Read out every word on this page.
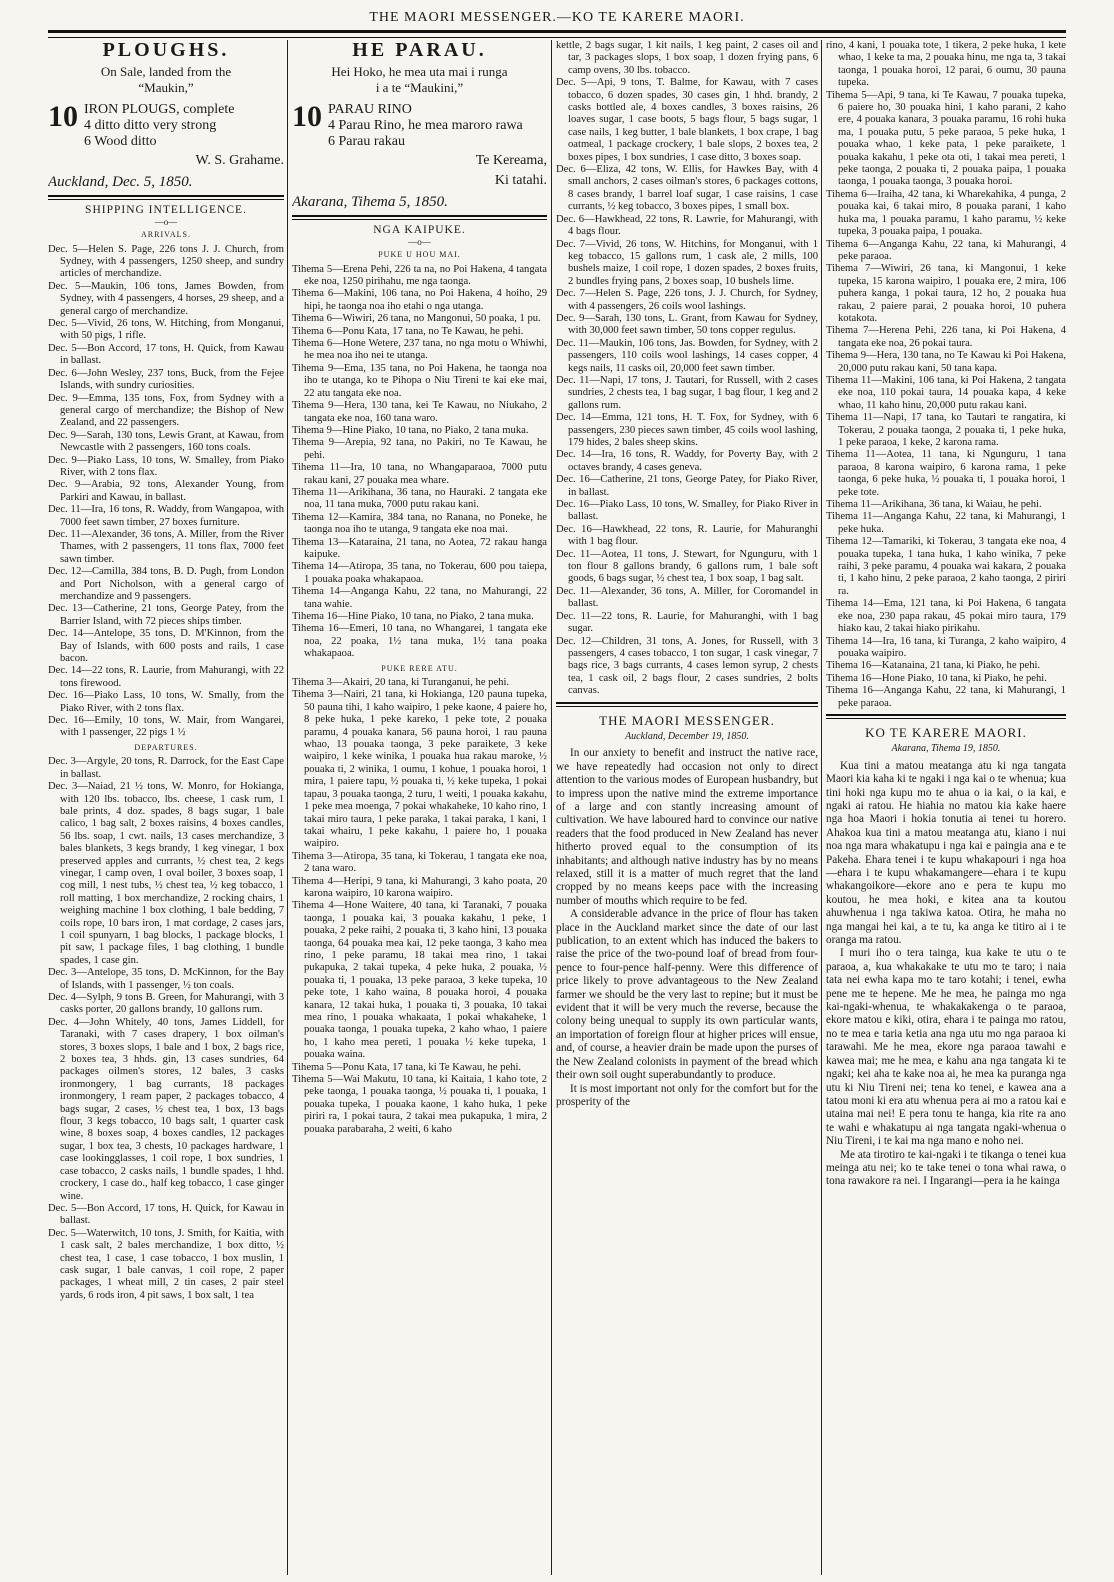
THE MAORI MESSENGER.—KO TE KARERE MAORI.
PLOUGHS.
On Sale, landed from the
“Maukin,”
10 IRON PLOUGS, complete
4 ditto ditto very strong
6 Wood ditto
W. S. Grahame.
Auckland, Dec. 5, 1850.
SHIPPING INTELLIGENCE.
—o—
ARRIVALS.
Dec. 5—Helen S. Page, 226 tons J. J. Church, from Sydney, with 4 passengers, 1250 sheep, and sundry articles of merchandize.
Dec. 5—Maukin, 106 tons, James Bowden, from Sydney, with 4 passengers, 4 horses, 29 sheep, and a general cargo of merchandize.
Dec. 5—Vivid, 26 tons, W. Hitching, from Monganui, with 50 pigs, 1 rifle.
Dec. 5—Bon Accord, 17 tons, H. Quick, from Kawau in ballast.
Dec. 6—John Wesley, 237 tons, Buck, from the Fejee Islands, with sundry curiosities.
Dec. 9—Emma, 135 tons, Fox, from Sydney with a general cargo of merchandize; the Bishop of New Zealand, and 22 passengers.
Dec. 9—Sarah, 130 tons, Lewis Grant, at Kawau, from Newcastle with 2 passengers, 160 tons coals.
Dec. 9—Piako Lass, 10 tons, W. Smalley, from Piako River, with 2 tons flax.
Dec. 9—Arabia, 92 tons, Alexander Young, from Parkiri and Kawau, in ballast.
Dec. 11—Ira, 16 tons, R. Waddy, from Wangapoa, with 7000 feet sawn timber, 27 boxes furniture.
Dec. 11—Alexander, 36 tons, A. Miller, from the River Thames, with 2 passengers, 11 tons flax, 7000 feet sawn timber.
Dec. 12—Camilla, 384 tons, B. D. Pugh, from London and Port Nicholson, with a general cargo of merchandize and 9 passengers.
Dec. 13—Catherine, 21 tons, George Patey, from the Barrier Island, with 72 pieces ships timber.
Dec. 14—Antelope, 35 tons, D. M'Kinnon, from the Bay of Islands, with 600 posts and rails, 1 case bacon.
Dec. 14—22 tons, R. Laurie, from Mahurangi, with 22 tons firewood.
Dec. 16—Piako Lass, 10 tons, W. Smally, from the Piako River, with 2 tons flax.
Dec. 16—Emily, 10 tons, W. Mair, from Wangarei, with 1 passenger, 22 pigs 1 ½
DEPARTURES.
Dec. 3—Argyle, 20 tons, R. Darrock, for the East Cape in ballast.
Dec. 3—Naiad, 21 ½ tons, W. Monro, for Hokianga, with 120 lbs. tobacco, lbs. cheese, 1 cask rum, 1 bale prints, 4 doz. spades, 8 bags sugar, 1 bale calico, 1 bag salt, 2 boxes raisins, 4 boxes candles, 56 lbs. soap, 1 cwt. nails, 13 cases merchandize, 3 bales blankets, 3 kegs brandy, 1 keg vinegar, 1 box preserved apples and currants, ½ chest tea, 2 kegs vinegar, 1 camp oven, 1 oval boiler, 3 boxes soap, 1 cog mill, 1 nest tubs, ½ chest tea, ½ keg tobacco, 1 roll matting, 1 box merchandize, 2 rocking chairs, 1 weighing machine 1 box clothing, 1 bale bedding, 7 coils rope, 10 bars iron, 1 mat cordage, 2 cases jars, 1 coil spunyarn, 1 bag blocks, 1 package blocks, 1 pit saw, 1 package files, 1 bag clothing, 1 bundle spades, 1 case gin.
Dec. 3—Antelope, 35 tons, D. McKinnon, for the Bay of Islands, with 1 passenger, ½ ton coals.
Dec. 4—Sylph, 9 tons B. Green, for Mahurangi, with 3 casks porter, 20 gallons brandy, 10 gallons rum.
Dec. 4—John Whitely, 40 tons, James Liddell, for Taranaki, with 7 cases drapery, 1 box oilman's stores, 3 boxes slops, 1 bale and 1 box, 2 bags rice, 2 boxes tea, 3 hhds. gin, 13 cases sundries, 64 packages oilmen's stores, 12 bales, 3 casks ironmongery, 1 bag currants, 18 packages ironmongery, 1 ream paper, 2 packages tobacco, 4 bags sugar, 2 cases, ½ chest tea, 1 box, 13 bags flour, 3 kegs tobacco, 10 bags salt, 1 quarter cask wine, 8 boxes soap, 4 boxes candles, 12 packages sugar, 1 box tea, 3 chests, 10 packages hardware, 1 case lookingglasses, 1 coil rope, 1 box sundries, 1 case tobacco, 2 casks nails, 1 bundle spades, 1 hhd. crockery, 1 case do., half keg tobacco, 1 case ginger wine.
Dec. 5—Bon Accord, 17 tons, H. Quick, for Kawau in ballast.
Dec. 5—Waterwitch, 10 tons, J. Smith, for Kaitia, with 1 cask salt, 2 bales merchandize, 1 box ditto, ½ chest tea, 1 case, 1 case tobacco, 1 box muslin, 1 cask sugar, 1 bale canvas, 1 coil rope, 2 paper packages, 1 wheat mill, 2 tin cases, 2 pair steel yards, 6 rods iron, 4 pit saws, 1 box salt, 1 tea
HE PARAU.
Hei Hoko, he mea uta mai i runga
i a te “Maukini,”
10 PARAU RINO
4 Parau Rino, he mea maroro rawa
6 Parau rakau
Te Kereama,
Ki tatahi.
Akarana, Tihema 5, 1850.
NGA KAIPUKE.
—o—
PUKE U HOU MAI.
Tihema 5—Erena Pehi, 226 ta na, no Poi Hakena, 4 tangata eke noa, 1250 pirihahu, me nga taonga.
Tihema 6—Makini, 106 tana, no Poi Hakena, 4 hoiho, 29 hipi, he taonga noa iho etahi o nga utanga.
Tihema 6—Wiwiri, 26 tana, no Mangonui, 50 poaka, 1 pu.
Tihema 6—Ponu Kata, 17 tana, no Te Kawau, he pehi.
Tihema 6—Hone Wetere, 237 tana, no nga motu o Whiwhi, he mea noa iho nei te utanga.
Tihema 9—Ema, 135 tana, no Poi Hakena, he taonga noa iho te utanga, ko te Pihopa o Niu Tireni te kai eke mai, 22 atu tangata eke noa.
Tihema 9—Hera, 130 tana, kei Te Kawau, no Niukaho, 2 tangata eke noa, 160 tana waro.
Tihema 9—Hine Piako, 10 tana, no Piako, 2 tana muka.
Tihema 9—Arepia, 92 tana, no Pakiri, no Te Kawau, he pehi.
Tihema 11—Ira, 10 tana, no Whangaparaoa, 7000 putu rakau kani, 27 pouaka mea whare.
Tihema 11—Arikihana, 36 tana, no Hauraki. 2 tangata eke noa, 11 tana muka, 7000 putu rakau kani.
Tihema 12—Kamira, 384 tana, no Ranana, no Poneke, he taonga noa iho te utanga, 9 tangata eke noa mai.
Tihema 13—Kataraina, 21 tana, no Aotea, 72 rakau hanga kaipuke.
Tihema 14—Atiropa, 35 tana, no Tokerau, 600 pou taiepa, 1 pouaka poaka whakapaoa.
Tihema 14—Anganga Kahu, 22 tana, no Mahurangi, 22 tana wahie.
Tihema 16—Hine Piako, 10 tana, no Piako, 2 tana muka.
Tihema 16—Emeri, 10 tana, no Whangarei, 1 tangata eke noa, 22 poaka, 1½ tana muka, 1½ tana poaka whakapaoa.
PUKE RERE ATU.
Tihema 3—Akairi, 20 tana, ki Turanganui, he pehi.
Tihema 3—Nairi, 21 tana, ki Hokianga, 120 pauna tupeka, 50 pauna tihi, 1 kaho waipiro, 1 peke kaone, 4 paiere ho, 8 peke huka, 1 peke kareko, 1 peke tote, 2 pouaka paramu, 4 pouaka kanara, 56 pauna horoi, 1 rau pauna whao, 13 pouaka taonga, 3 peke paraikete, 3 keke waipiro, 1 keke winika, 1 pouaka hua rakau maroke, ½ pouaka ti, 2 winika, 1 oumu, 1 kohue, 1 pouaka horoi, 1 mira, 1 paiere tapu, ½ pouaka ti, ½ keke tupeka, 1 pokai tapau, 3 pouaka taonga, 2 turu, 1 weiti, 1 pouaka kakahu, 1 peke mea moenga, 7 pokai whakaheke, 10 kaho rino, 1 takai miro taura, 1 peke paraka, 1 takai paraka, 1 kani, 1 takai whairu, 1 peke kakahu, 1 paiere ho, 1 pouaka waipiro.
Tihema 3—Atiropa, 35 tana, ki Tokerau, 1 tangata eke noa, 2 tana waro.
Tihema 4—Heripi, 9 tana, ki Mahurangi, 3 kaho poata, 20 karona waipiro, 10 karona waipiro.
Tihema 4—Hone Waitere, 40 tana, ki Taranaki, 7 pouaka taonga, 1 pouaka kai, 3 pouaka kakahu, 1 peke, 1 pouaka, 2 peke raihi, 2 pouaka ti, 3 kaho hini, 13 pouaka taonga, 64 pouaka mea kai, 12 peke taonga, 3 kaho mea rino, 1 peke paramu, 18 takai mea rino, 1 takai pukapuka, 2 takai tupeka, 4 peke huka, 2 pouaka, ½ pouaka ti, 1 pouaka, 13 peke paraoa, 3 keke tupeka, 10 peke tote, 1 kaho waina, 8 pouaka horoi, 4 pouaka kanara, 12 takai huka, 1 pouaka ti, 3 pouaka, 10 takai mea rino, 1 pouaka whakaata, 1 pokai whakaheke, 1 pouaka taonga, 1 pouaka tupeka, 2 kaho whao, 1 paiere ho, 1 kaho mea pereti, 1 pouaka ½ keke tupeka, 1 pouaka waina.
Tihema 5—Ponu Kata, 17 tana, ki Te Kawau, he pehi.
Tihema 5—Wai Makutu, 10 tana, ki Kaitaia, 1 kaho tote, 2 peke taonga, 1 pouaka taonga, ½ pouaka ti, 1 pouaka, 1 pouaka tupeka, 1 pouaka kaone, 1 kaho huka, 1 peke piriri ra, 1 pokai taura, 2 takai mea pukapuka, 1 mira, 2 pouaka parabaraha, 2 weiti, 6 kaho
kettle, 2 bags sugar, 1 kit nails, 1 keg paint, 2 cases oil and tar, 3 packages slops, 1 box soap, 1 dozen frying pans, 6 camp ovens, 30 lbs. tobacco.
Dec. 5—Api, 9 tons, T. Balme, for Kawau, with 7 cases tobacco, 6 dozen spades, 30 cases gin, 1 hhd. brandy, 2 casks bottled ale, 4 boxes candles, 3 boxes raisins, 26 loaves sugar, 1 case boots, 5 bags flour, 5 bags sugar, 1 case nails, 1 keg butter, 1 bale blankets, 1 box crape, 1 bag oatmeal, 1 package crockery, 1 bale slops, 2 boxes tea, 2 boxes pipes, 1 box sundries, 1 case ditto, 3 boxes soap.
Dec. 6—Eliza, 42 tons, W. Ellis, for Hawkes Bay, with 4 small anchors, 2 cases oilman's stores, 6 packages cottons, 8 cases brandy, 1 barrel loaf sugar, 1 case raisins, 1 case currants, ½ keg tobacco, 3 boxes pipes, 1 small box.
Dec. 6—Hawkhead, 22 tons, R. Lawrie, for Mahurangi, with 4 bags flour.
Dec. 7—Vivid, 26 tons, W. Hitchins, for Monganui, with 1 keg tobacco, 15 gallons rum, 1 cask ale, 2 mills, 100 bushels maize, 1 coil rope, 1 dozen spades, 2 boxes fruits, 2 bundles frying pans, 2 boxes soap, 10 bushels lime.
Dec. 7—Helen S. Page, 226 tons, J. J. Church, for Sydney, with 4 passengers, 26 coils wool lashings.
Dec. 9—Sarah, 130 tons, L. Grant, from Kawau for Sydney, with 30,000 feet sawn timber, 50 tons copper regulus.
Dec. 11—Maukin, 106 tons, Jas. Bowden, for Sydney, with 2 passengers, 110 coils wool lashings, 14 cases copper, 4 kegs nails, 11 casks oil, 20,000 feet sawn timber.
Dec. 11—Napi, 17 tons, J. Tautari, for Russell, with 2 cases sundries, 2 chests tea, 1 bag sugar, 1 bag flour, 1 keg and 2 gallons rum.
Dec. 14—Emma, 121 tons, H. T. Fox, for Sydney, with 6 passengers, 230 pieces sawn timber, 45 coils wool lashing, 179 hides, 2 bales sheep skins.
Dec. 14—Ira, 16 tons, R. Waddy, for Poverty Bay, with 2 octaves brandy, 4 cases geneva.
Dec. 16—Catherine, 21 tons, George Patey, for Piako River, in ballast.
Dec. 16—Piako Lass, 10 tons, W. Smalley, for Piako River in ballast.
Dec. 16—Hawkhead, 22 tons, R. Laurie, for Mahuranghi with 1 bag flour.
Dec. 11—Aotea, 11 tons, J. Stewart, for Ngunguru, with 1 ton flour 8 gallons brandy, 6 gallons rum, 1 bale soft goods, 6 bags sugar, ½ chest tea, 1 box soap, 1 bag salt.
Dec. 11—Alexander, 36 tons, A. Miller, for Coromandel in ballast.
Dec. 11—22 tons, R. Laurie, for Mahuranghi, with 1 bag sugar.
Dec. 12—Children, 31 tons, A. Jones, for Russell, with 3 passengers, 4 cases tobacco, 1 ton sugar, 1 cask vinegar, 7 bags rice, 3 bags currants, 4 cases lemon syrup, 2 chests tea, 1 cask oil, 2 bags flour, 2 cases sundries, 2 bolts canvas.
THE MAORI MESSENGER.
Auckland, December 19, 1850.
In our anxiety to benefit and instruct the native race, we have repeatedly had occasion not only to direct attention to the various modes of European husbandry, but to impress upon the native mind the extreme importance of a large and con stantly increasing amount of cultivation. We have laboured hard to convince our native readers that the food produced in New Zealand has never hitherto proved equal to the consumption of its inhabitants; and although native industry has by no means relaxed, still it is a matter of much regret that the land cropped by no means keeps pace with the increasing number of mouths which require to be fed.
A considerable advance in the price of flour has taken place in the Auckland market since the date of our last publication, to an extent which has induced the bakers to raise the price of the two-pound loaf of bread from four-pence to four-pence half-penny. Were this difference of price likely to prove advantageous to the New Zealand farmer we should be the very last to repine; but it must be evident that it will be very much the reverse, because the colony being unequal to supply its own particular wants, an importation of foreign flour at higher prices will ensue, and, of course, a heavier drain be made upon the purses of the New Zealand colonists in payment of the bread which their own soil ought superabundantly to produce.
It is most important not only for the comfort but for the prosperity of the
rino, 4 kani, 1 pouaka tote, 1 tikera, 2 peke huka, 1 kete whao, 1 keke ta ma, 2 pouaka hinu, me nga ta, 3 takai taonga, 1 pouaka horoi, 12 parai, 6 oumu, 30 pauna tupeka.
Tihema 5—Api, 9 tana, ki Te Kawau, 7 pouaka tupeka, 6 paiere ho, 30 pouaka hini, 1 kaho parani, 2 kaho ere, 4 pouaka kanara, 3 pouaka paramu, 16 rohi huka ma, 1 pouaka putu, 5 peke paraoa, 5 peke huka, 1 pouaka whao, 1 keke pata, 1 peke paraikete, 1 pouaka kakahu, 1 peke ota oti, 1 takai mea pereti, 1 peke taonga, 2 pouaka ti, 2 pouaka paipa, 1 pouaka taonga, 1 pouaka taonga, 3 pouaka horoi.
Tihema 6—Iraiha, 42 tana, ki Wharekahika, 4 punga, 2 pouaka kai, 6 takai miro, 8 pouaka parani, 1 kaho huka ma, 1 pouaka paramu, 1 kaho paramu, ½ keke tupeka, 3 pouaka paipa, 1 pouaka.
Tihema 6—Anganga Kahu, 22 tana, ki Mahurangi, 4 peke paraoa.
Tihema 7—Wiwiri, 26 tana, ki Mangonui, 1 keke tupeka, 15 karona waipiro, 1 pouaka ere, 2 mira, 106 puhera kanga, 1 pokai taura, 12 ho, 2 pouaka hua rakau, 2 paiere parai, 2 pouaka horoi, 10 puhera kotakota.
Tihema 7—Herena Pehi, 226 tana, ki Poi Hakena, 4 tangata eke noa, 26 pokai taura.
Tihema 9—Hera, 130 tana, no Te Kawau ki Poi Hakena, 20,000 putu rakau kani, 50 tana kapa.
Tihema 11—Makini, 106 tana, ki Poi Hakena, 2 tangata eke noa, 110 pokai taura, 14 pouaka kapa, 4 keke whao, 11 kaho hinu, 20,000 putu rakau kani.
Tihema 11—Napi, 17 tana, ko Tautari te rangatira, ki Tokerau, 2 pouaka taonga, 2 pouaka ti, 1 peke huka, 1 peke paraoa, 1 keke, 2 karona rama.
Tihema 11—Aotea, 11 tana, ki Ngunguru, 1 tana paraoa, 8 karona waipiro, 6 karona rama, 1 peke taonga, 6 peke huka, ½ pouaka ti, 1 pouaka horoi, 1 peke tote.
Tihema 11—Arikihana, 36 tana, ki Waiau, he pehi.
Tihema 11—Anganga Kahu, 22 tana, ki Mahurangi, 1 peke huka.
Tihema 12—Tamariki, ki Tokerau, 3 tangata eke noa, 4 pouaka tupeka, 1 tana huka, 1 kaho winika, 7 peke raihi, 3 peke paramu, 4 pouaka wai kakara, 2 pouaka ti, 1 kaho hinu, 2 peke paraoa, 2 kaho taonga, 2 piriri ra.
Tihema 14—Ema, 121 tana, ki Poi Hakena, 6 tangata eke noa, 230 papa rakau, 45 pokai miro taura, 179 hiako kau, 2 takai hiako pirikahu.
Tihema 14—Ira, 16 tana, ki Turanga, 2 kaho waipiro, 4 pouaka waipiro.
Tihema 16—Katanaina, 21 tana, ki Piako, he pehi.
Tihema 16—Hone Piako, 10 tana, ki Piako, he pehi.
Tihema 16—Anganga Kahu, 22 tana, ki Mahurangi, 1 peke paraoa.
KO TE KARERE MAORI.
Akarana, Tihema 19, 1850.
Kua tini a matou meatanga atu ki nga tangata Maori kia kaha ki te ngaki i nga kai o te whenua; kua tini hoki nga kupu mo te ahua o ia kai, o ia kai, e ngaki ai ratou. He hiahia no matou kia kake haere nga hoa Maori i hokia tonutia ai tenei tu horero. Ahakoa kua tini a matou meatanga atu, kiano i nui noa nga mara whakatupu i nga kai e paingia ana e te Pakeha. Ehara tenei i te kupu whakapouri i nga hoa—ehara i te kupu whakamangere—ehara i te kupu whakangoikore—ekore ano e pera te kupu mo koutou, he mea hoki, e kitea ana ta koutou ahuwhenua i nga takiwa katoa. Otira, he maha no nga mangai hei kai, a te tu, ka anga ke titiro ai i te oranga ma ratou.
I muri iho o tera tainga, kua kake te utu o te paraoa, a, kua whakakake te utu mo te taro; i naia tata nei ewha kapa mo te taro kotahi; i tenei, ewha pene me te hepene. Me he mea, he painga mo nga kai-ngaki-whenua, te whakakakenga o te paraoa, ekore matou e kiki, otira, ehara i te painga mo ratou, no te mea e taria ketia ana nga utu mo nga paraoa ki tarawahi. Me he mea, ekore nga paraoa tawahi e kawea mai; me he mea, e kahu ana nga tangata ki te ngaki; kei aha te kake noa ai, he mea ka puranga nga utu ki Niu Tireni nei; tena ko tenei, e kawea ana a tatou moni ki era atu whenua pera ai mo a ratou kai e utaina mai nei! E pera tonu te hanga, kia rite ra ano te wahi e whakatupu ai nga tangata ngaki-whenua o Niu Tireni, i te kai ma nga mano e noho nei.
Me ata tirotiro te kai-ngaki i te tikanga o tenei kua meinga atu nei; ko te take tenei o tona whai rawa, o tona rawakore ra nei. I Ingarangi—pera ia he kainga
